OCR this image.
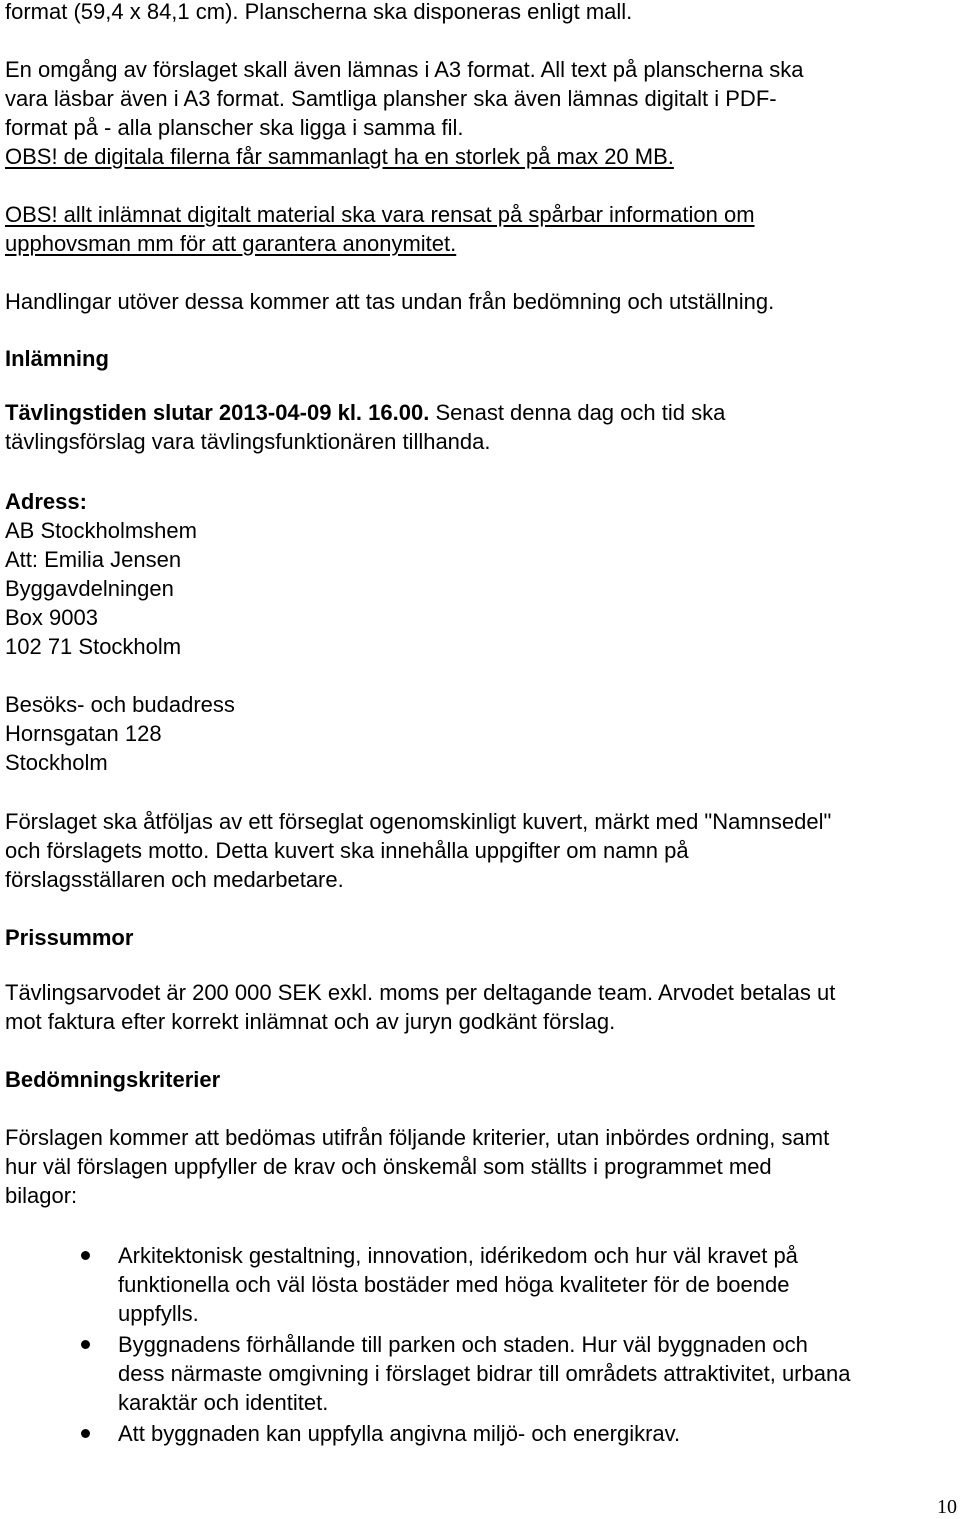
format (59,4 x 84,1 cm). Planscherna ska disponeras enligt mall.
En omgång av förslaget skall även lämnas i A3 format. All text på planscherna ska
vara läsbar även i A3 format. Samtliga plansher ska även lämnas digitalt i PDF-
format på - alla planscher ska ligga i samma fil.
OBS! de digitala filerna får sammanlagt ha en storlek på max 20 MB.
OBS! allt inlämnat digitalt material ska vara rensat på spårbar information om
upphovsman mm för att garantera anonymitet.
Handlingar utöver dessa kommer att tas undan från bedömning och utställning.
Inlämning
Tävlingstiden slutar 2013-04-09 kl. 16.00. Senast denna dag och tid ska
tävlingsförslag vara tävlingsfunktionären tillhanda.
Adress:
AB Stockholmshem
Att: Emilia Jensen
Byggavdelningen
Box 9003
102 71 Stockholm
Besöks- och budadress
Hornsgatan 128
Stockholm
Förslaget ska åtföljas av ett förseglat ogenomskinligt kuvert, märkt med "Namnsedel"
och förslagets motto. Detta kuvert ska innehålla uppgifter om namn på
förslagsställaren och medarbetare.
Prissummor
Tävlingsarvodet är 200 000 SEK exkl. moms per deltagande team. Arvodet betalas ut
mot faktura efter korrekt inlämnat och av juryn godkänt förslag.
Bedömningskriterier
Förslagen kommer att bedömas utifrån följande kriterier, utan inbördes ordning, samt
hur väl förslagen uppfyller de krav och önskemål som ställts i programmet med
bilagor:
Arkitektonisk gestaltning, innovation, idérikedom och hur väl kravet på
funktionella och väl lösta bostäder med höga kvaliteter för de boende
uppfylls.
Byggnadens förhållande till parken och staden. Hur väl byggnaden och
dess närmaste omgivning i förslaget bidrar till områdets attraktivitet, urbana
karaktär och identitet.
Att byggnaden kan uppfylla angivna miljö- och energikrav.
10
